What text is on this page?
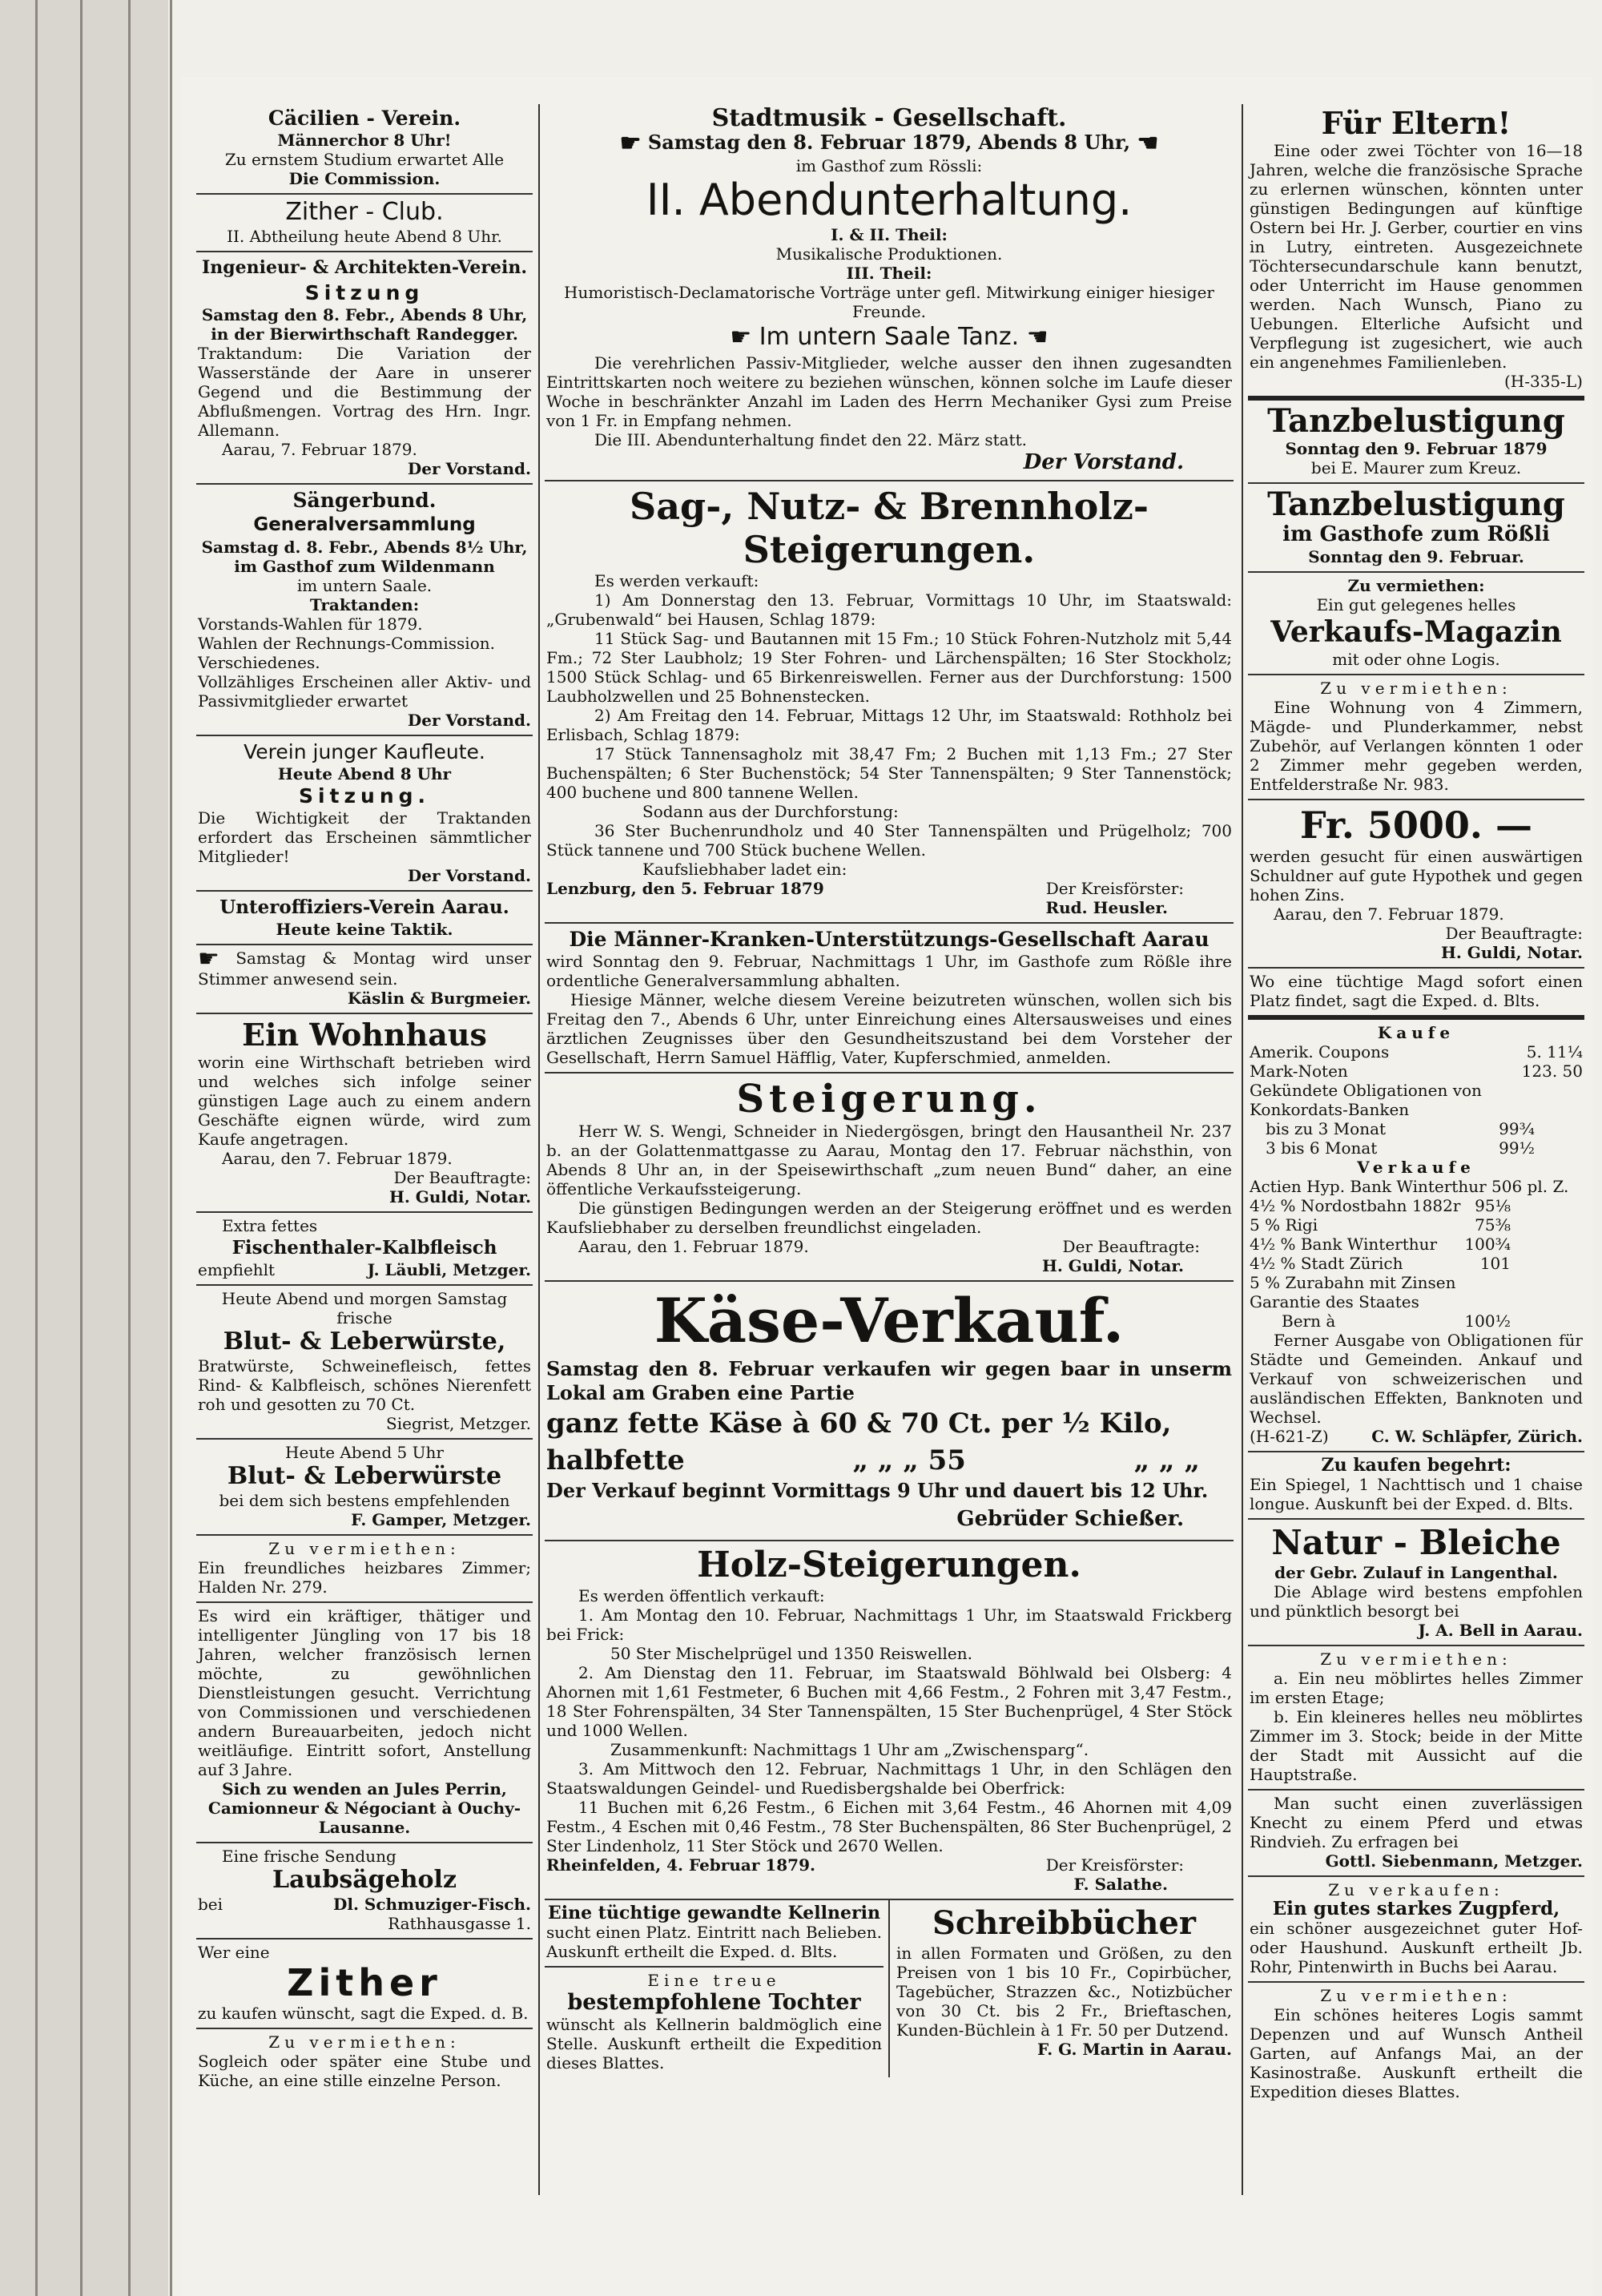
Cäcilien - Verein.
Männerchor 8 Uhr!
Zu ernstem Studium erwartet Alle
Die Commission.
Zither - Club.
II. Abtheilung heute Abend 8 Uhr.
Ingenieur- & Architekten-Verein.
Sitzung
Samstag den 8. Febr., Abends 8 Uhr,
in der Bierwirthschaft Randegger.
Traktandum: Die Variation der Wasserstände der Aare in unserer Gegend und die Bestimmung der Abflußmengen. Vortrag des Hrn. Ingr. Allemann.
Aarau, 7. Februar 1879.
Der Vorstand.
Sängerbund.
Generalversammlung
Samstag d. 8. Febr., Abends 8½ Uhr,
im Gasthof zum Wildenmann
im untern Saale.
Traktanden:
Vorstands-Wahlen für 1879.
Wahlen der Rechnungs-Commission.
Verschiedenes.
Vollzähliges Erscheinen aller Aktiv- und Passivmitglieder erwartet
Der Vorstand.
Verein junger Kaufleute.
Heute Abend 8 Uhr
Sitzung.
Die Wichtigkeit der Traktanden erfordert das Erscheinen sämmtlicher Mitglieder!
Der Vorstand.
Unteroffiziers-Verein Aarau.
Heute keine Taktik.
☛ Samstag & Montag wird unser Stimmer anwesend sein.
Käslin & Burgmeier.
Ein Wohnhaus
worin eine Wirthschaft betrieben wird und welches sich infolge seiner günstigen Lage auch zu einem andern Geschäfte eignen würde, wird zum Kaufe angetragen.
Aarau, den 7. Februar 1879.
Der Beauftragte:
H. Guldi, Notar.
Extra fettes
Fischenthaler-Kalbfleisch
empfiehlt	J. Läubli, Metzger.
Heute Abend und morgen Samstag frische
Blut- & Leberwürste,
Bratwürste, Schweinefleisch, fettes Rind- & Kalbfleisch, schönes Nierenfett roh und gesotten zu 70 Ct.
Siegrist, Metzger.
Heute Abend 5 Uhr
Blut- & Leberwürste
bei dem sich bestens empfehlenden
F. Gamper, Metzger.
Zu vermiethen:
Ein freundliches heizbares Zimmer; Halden Nr. 279.
Es wird ein kräftiger, thätiger und intelligenter Jüngling von 17 bis 18 Jahren, welcher französisch lernen möchte, zu gewöhnlichen Dienstleistungen gesucht. Verrichtung von Commissionen und verschiedenen andern Bureauarbeiten, jedoch nicht weitläufige. Eintritt sofort, Anstellung auf 3 Jahre.
Sich zu wenden an Jules Perrin,
Camionneur & Négociant à Ouchy-Lausanne.
Eine frische Sendung
Laubsägeholz
bei	Dl. Schmuziger-Fisch.
Rathhausgasse 1.
Wer eine
Zither
zu kaufen wünscht, sagt die Exped. d. B.
Zu vermiethen:
Sogleich oder später eine Stube und Küche, an eine stille einzelne Person.
Stadtmusik - Gesellschaft.
☛ Samstag den 8. Februar 1879, Abends 8 Uhr, ☚
im Gasthof zum Rössli:
II. Abendunterhaltung.
I. & II. Theil:
Musikalische Produktionen.
III. Theil:
Humoristisch-Declamatorische Vorträge unter gefl. Mitwirkung einiger hiesiger Freunde.
☛ Im untern Saale Tanz. ☚
Die verehrlichen Passiv-Mitglieder, welche ausser den ihnen zugesandten Eintrittskarten noch weitere zu beziehen wünschen, können solche im Laufe dieser Woche in beschränkter Anzahl im Laden des Herrn Mechaniker Gysi zum Preise von 1 Fr. in Empfang nehmen.
Die III. Abendunterhaltung findet den 22. März statt.
Der Vorstand.
Sag-, Nutz- & Brennholz-
Steigerungen.
Es werden verkauft:
1) Am Donnerstag den 13. Februar, Vormittags 10 Uhr, im Staatswald: „Grubenwald“ bei Hausen, Schlag 1879:
11 Stück Sag- und Bautannen mit 15 Fm.; 10 Stück Fohren-Nutzholz mit 5,44 Fm.; 72 Ster Laubholz; 19 Ster Fohren- und Lärchenspälten; 16 Ster Stockholz; 1500 Stück Schlag- und 65 Birkenreiswellen. Ferner aus der Durchforstung: 1500 Laubholzwellen und 25 Bohnenstecken.
2) Am Freitag den 14. Februar, Mittags 12 Uhr, im Staatswald: Rothholz bei Erlisbach, Schlag 1879:
17 Stück Tannensagholz mit 38,47 Fm; 2 Buchen mit 1,13 Fm.; 27 Ster Buchenspälten; 6 Ster Buchenstöck; 54 Ster Tannenspälten; 9 Ster Tannenstöck; 400 buchene und 800 tannene Wellen.
Sodann aus der Durchforstung:
36 Ster Buchenrundholz und 40 Ster Tannenspälten und Prügelholz; 700 Stück tannene und 700 Stück buchene Wellen.
Kaufsliebhaber ladet ein:
Lenzburg, den 5. Februar 1879	Der Kreisförster:
Rud. Heusler.
Die Männer-Kranken-Unterstützungs-Gesellschaft Aarau
wird Sonntag den 9. Februar, Nachmittags 1 Uhr, im Gasthofe zum Rößle ihre ordentliche Generalversammlung abhalten.
Hiesige Männer, welche diesem Vereine beizutreten wünschen, wollen sich bis Freitag den 7., Abends 6 Uhr, unter Einreichung eines Altersausweises und eines ärztlichen Zeugnisses über den Gesundheitszustand bei dem Vorsteher der Gesellschaft, Herrn Samuel Häfflig, Vater, Kupferschmied, anmelden.
Steigerung.
Herr W. S. Wengi, Schneider in Niedergösgen, bringt den Hausantheil Nr. 237 b. an der Golattenmattgasse zu Aarau, Montag den 17. Februar nächsthin, von Abends 8 Uhr an, in der Speisewirthschaft „zum neuen Bund“ daher, an eine öffentliche Verkaufssteigerung.
Die günstigen Bedingungen werden an der Steigerung eröffnet und es werden Kaufsliebhaber zu derselben freundlichst eingeladen.
Aarau, den 1. Februar 1879.	Der Beauftragte:
H. Guldi, Notar.
Käse-Verkauf.
Samstag den 8. Februar verkaufen wir gegen baar in unserm Lokal am Graben eine Partie
ganz fette Käse à 60 & 70 Ct. per ½ Kilo,
halbfette	„ „ „ 55	„ „ „
Der Verkauf beginnt Vormittags 9 Uhr und dauert bis 12 Uhr.
Gebrüder Schießer.
Holz-Steigerungen.
Es werden öffentlich verkauft:
1. Am Montag den 10. Februar, Nachmittags 1 Uhr, im Staatswald Frickberg bei Frick:
50 Ster Mischelprügel und 1350 Reiswellen.
2. Am Dienstag den 11. Februar, im Staatswald Böhlwald bei Olsberg: 4 Ahornen mit 1,61 Festmeter, 6 Buchen mit 4,66 Festm., 2 Fohren mit 3,47 Festm., 18 Ster Fohrenspälten, 34 Ster Tannenspälten, 15 Ster Buchenprügel, 4 Ster Stöck und 1000 Wellen.
Zusammenkunft: Nachmittags 1 Uhr am „Zwischensparg“.
3. Am Mittwoch den 12. Februar, Nachmittags 1 Uhr, in den Schlägen den Staatswaldungen Geindel- und Ruedisbergshalde bei Oberfrick:
11 Buchen mit 6,26 Festm., 6 Eichen mit 3,64 Festm., 46 Ahornen mit 4,09 Festm., 4 Eschen mit 0,46 Festm., 78 Ster Buchenspälten, 86 Ster Buchenprügel, 2 Ster Lindenholz, 11 Ster Stöck und 2670 Wellen.
Rheinfelden, 4. Februar 1879.	Der Kreisförster:
F. Salathe.
Eine tüchtige gewandte Kellnerin
sucht einen Platz. Eintritt nach Belieben. Auskunft ertheilt die Exped. d. Blts.
Eine treue
bestempfohlene Tochter
wünscht als Kellnerin baldmöglich eine Stelle. Auskunft ertheilt die Expedition dieses Blattes.
Schreibbücher
in allen Formaten und Größen, zu den Preisen von 1 bis 10 Fr., Copirbücher, Tagebücher, Strazzen &c., Notizbücher von 30 Ct. bis 2 Fr., Brieftaschen, Kunden-Büchlein à 1 Fr. 50 per Dutzend.
F. G. Martin in Aarau.
Für Eltern!
Eine oder zwei Töchter von 16—18 Jahren, welche die französische Sprache zu erlernen wünschen, könnten unter günstigen Bedingungen auf künftige Ostern bei Hr. J. Gerber, courtier en vins in Lutry, eintreten. Ausgezeichnete Töchtersecundarschule kann benutzt, oder Unterricht im Hause genommen werden. Nach Wunsch, Piano zu Uebungen. Elterliche Aufsicht und Verpflegung ist zugesichert, wie auch ein angenehmes Familienleben.
(H-335-L)
Tanzbelustigung
Sonntag den 9. Februar 1879
bei E. Maurer zum Kreuz.
Tanzbelustigung
im Gasthofe zum Rößli
Sonntag den 9. Februar.
Zu vermiethen:
Ein gut gelegenes helles
Verkaufs-Magazin
mit oder ohne Logis.
Zu vermiethen:
Eine Wohnung von 4 Zimmern, Mägde- und Plunderkammer, nebst Zubehör, auf Verlangen könnten 1 oder 2 Zimmer mehr gegeben werden, Entfelderstraße Nr. 983.
Fr. 5000. —
werden gesucht für einen auswärtigen Schuldner auf gute Hypothek und gegen hohen Zins.
Aarau, den 7. Februar 1879.
Der Beauftragte:
H. Guldi, Notar.
Wo eine tüchtige Magd sofort einen Platz findet, sagt die Exped. d. Blts.
Kaufe
Amerik. Coupons	5. 11¼
Mark-Noten	123. 50
Gekündete Obligationen von Konkordats-Banken
bis zu 3 Monat	99¾
3 bis 6 Monat	99½
Verkaufe
Actien Hyp. Bank Winterthur 506 pl. Z.
4½ % Nordostbahn 1882r 95⅛
5 % Rigi	75⅜
4½ % Bank Winterthur 100¾
4½ % Stadt Zürich	101
5 % Zurabahn mit Zinsen Garantie des Staates
Bern à	100½
Ferner Ausgabe von Obligationen für Städte und Gemeinden. Ankauf und Verkauf von schweizerischen und ausländischen Effekten, Banknoten und Wechsel.
(H-621-Z)	C. W. Schläpfer, Zürich.
Zu kaufen begehrt:
Ein Spiegel, 1 Nachttisch und 1 chaise longue. Auskunft bei der Exped. d. Blts.
Natur - Bleiche
der Gebr. Zulauf in Langenthal.
Die Ablage wird bestens empfohlen und pünktlich besorgt bei
J. A. Bell in Aarau.
Zu vermiethen:
a. Ein neu möblirtes helles Zimmer im ersten Etage;
b. Ein kleineres helles neu möblirtes Zimmer im 3. Stock; beide in der Mitte der Stadt mit Aussicht auf die Hauptstraße.
Man sucht einen zuverlässigen Knecht zu einem Pferd und etwas Rindvieh. Zu erfragen bei
Gottl. Siebenmann, Metzger.
Zu verkaufen:
Ein gutes starkes Zugpferd,
ein schöner ausgezeichnet guter Hof- oder Haushund. Auskunft ertheilt Jb. Rohr, Pintenwirth in Buchs bei Aarau.
Zu vermiethen:
Ein schönes heiteres Logis sammt Depenzen und auf Wunsch Antheil Garten, auf Anfangs Mai, an der Kasinostraße. Auskunft ertheilt die Expedition dieses Blattes.
